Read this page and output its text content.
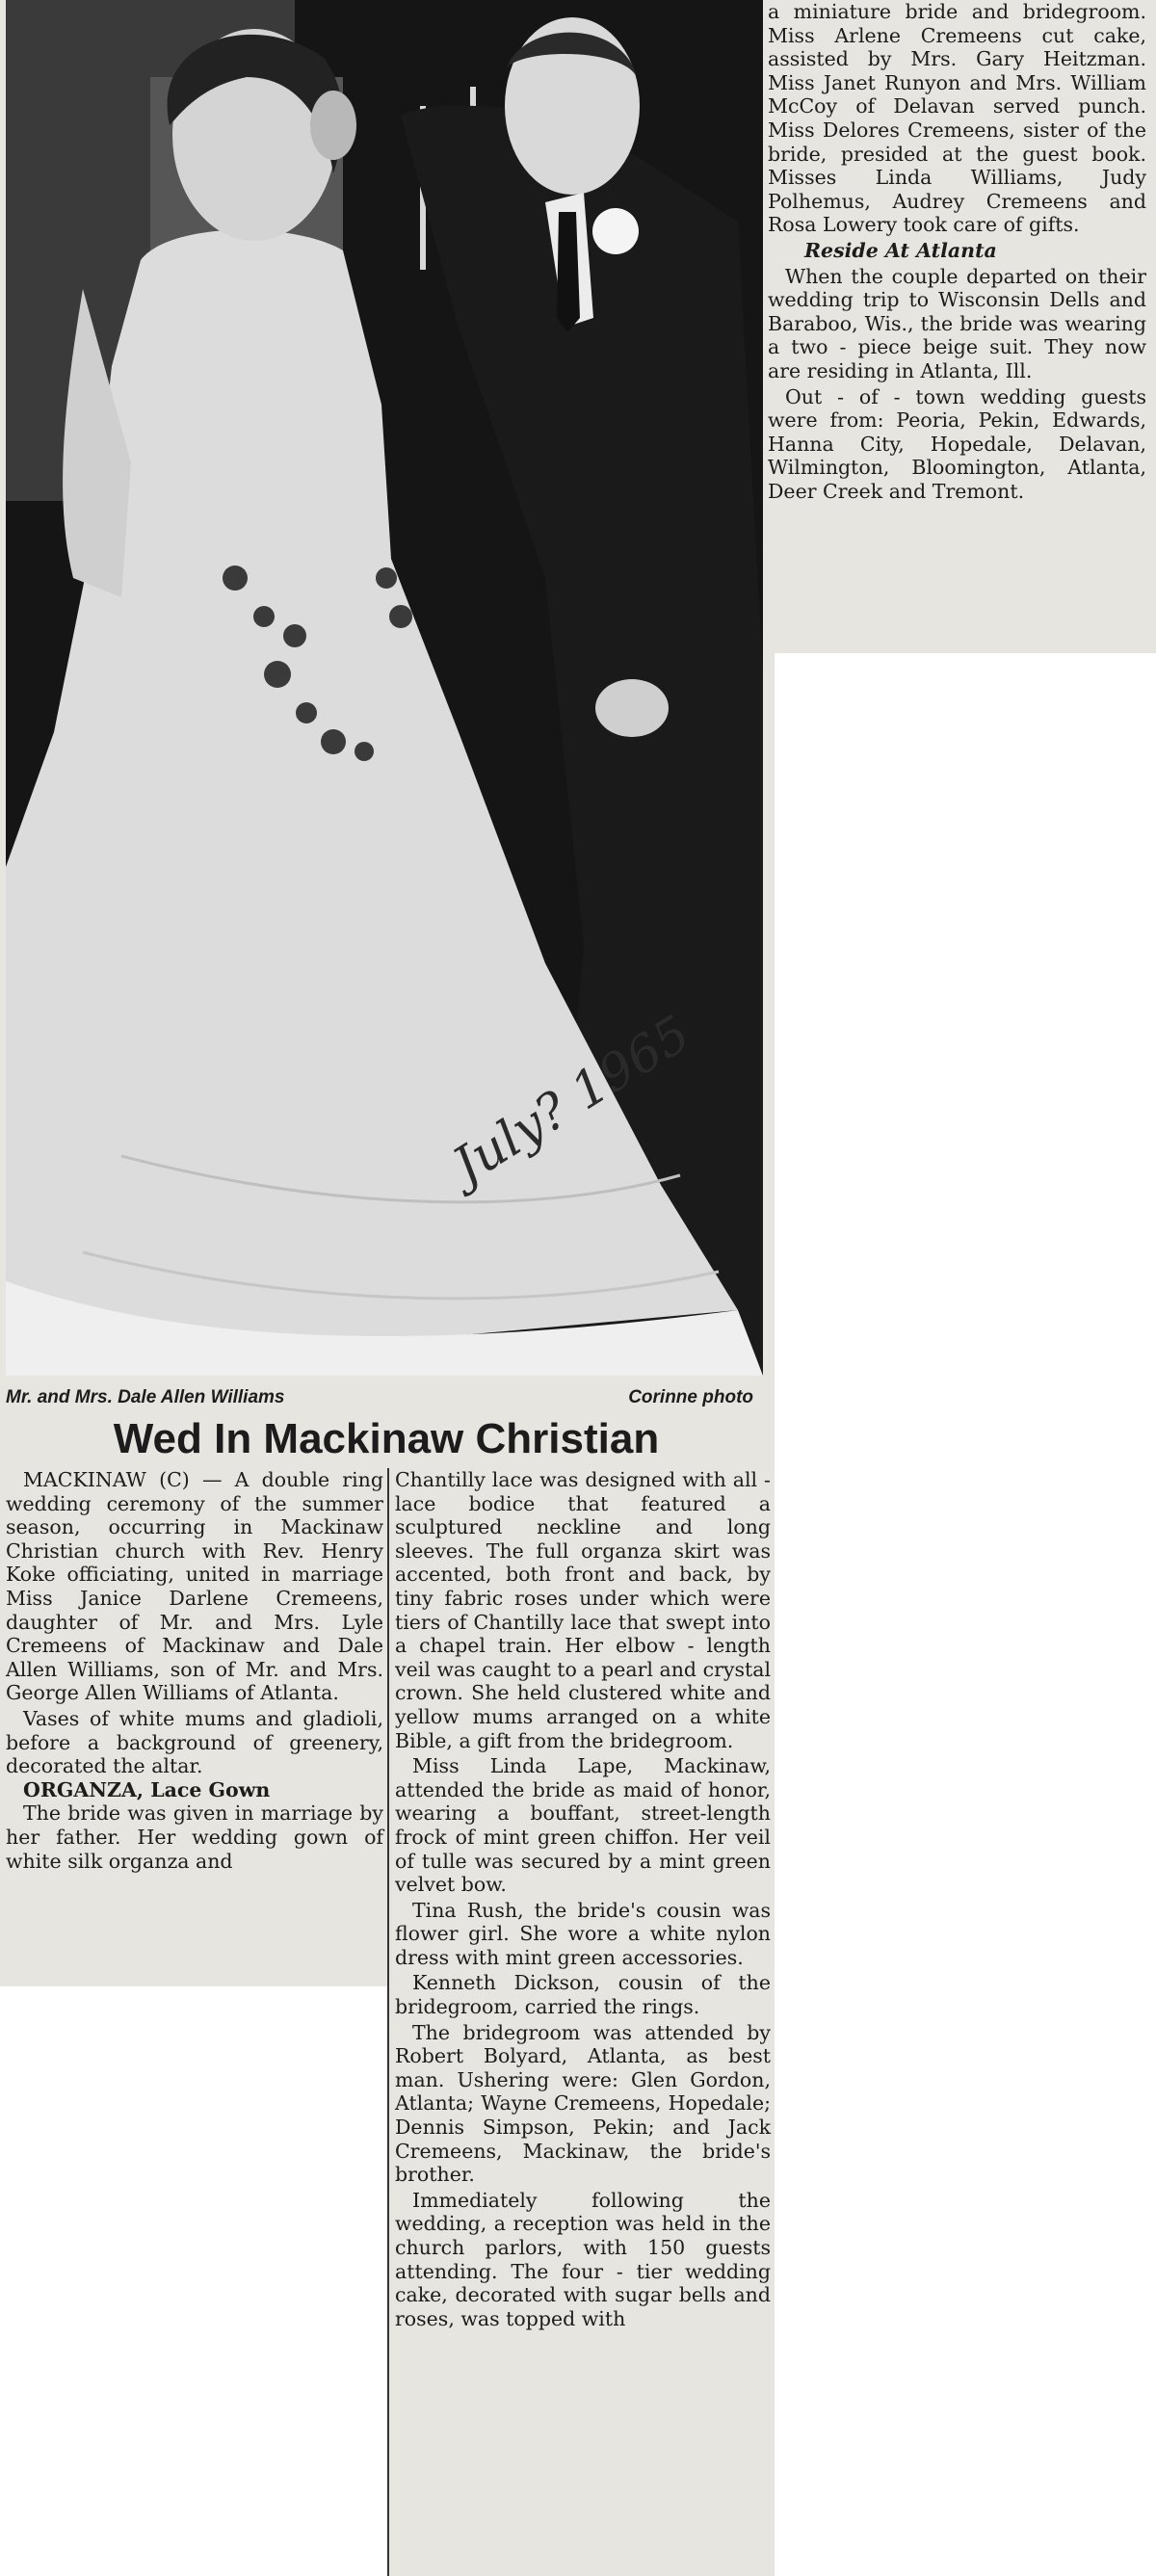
a miniature bride and bridegroom. Miss Arlene Cremeens cut cake, assisted by Mrs. Gary Heitzman. Miss Janet Runyon and Mrs. William McCoy of Delavan served punch. Miss Delores Cremeens, sister of the bride, presided at the guest book. Misses Linda Williams, Judy Polhemus, Audrey Cremeens and Rosa Lowery took care of gifts.

Reside At Atlanta

When the couple departed on their wedding trip to Wisconsin Dells and Baraboo, Wis., the bride was wearing a two - piece beige suit. They now are residing in Atlanta, Ill.

Out - of - town wedding guests were from: Peoria, Pekin, Edwards, Hanna City, Hopedale, Delavan, Wilmington, Bloomington, Atlanta, Deer Creek and Tremont.

July? 1965
Mr. and Mrs. Dale Allen Williams	Corinne photo
Wed In Mackinaw Christian

MACKINAW (C) — A double ring wedding ceremony of the summer season, occurring in Mackinaw Christian church with Rev. Henry Koke officiating, united in marriage Miss Janice Darlene Cremeens, daughter of Mr. and Mrs. Lyle Cremeens of Mackinaw and Dale Allen Williams, son of Mr. and Mrs. George Allen Williams of Atlanta.

Vases of white mums and gladioli, before a background of greenery, decorated the altar.

ORGANZA, Lace Gown

The bride was given in marriage by her father. Her wedding gown of white silk organza and

Chantilly lace was designed with all - lace bodice that featured a sculptured neckline and long sleeves. The full organza skirt was accented, both front and back, by tiny fabric roses under which were tiers of Chantilly lace that swept into a chapel train. Her elbow - length veil was caught to a pearl and crystal crown. She held clustered white and yellow mums arranged on a white Bible, a gift from the bridegroom.

Miss Linda Lape, Mackinaw, attended the bride as maid of honor, wearing a bouffant, street-length frock of mint green chiffon. Her veil of tulle was secured by a mint green velvet bow.

Tina Rush, the bride's cousin was flower girl. She wore a white nylon dress with mint green accessories.

Kenneth Dickson, cousin of the bridegroom, carried the rings.

The bridegroom was attended by Robert Bolyard, Atlanta, as best man. Ushering were: Glen Gordon, Atlanta; Wayne Cremeens, Hopedale; Dennis Simpson, Pekin; and Jack Cremeens, Mackinaw, the bride's brother.

Immediately following the wedding, a reception was held in the church parlors, with 150 guests attending. The four - tier wedding cake, decorated with sugar bells and roses, was topped with
